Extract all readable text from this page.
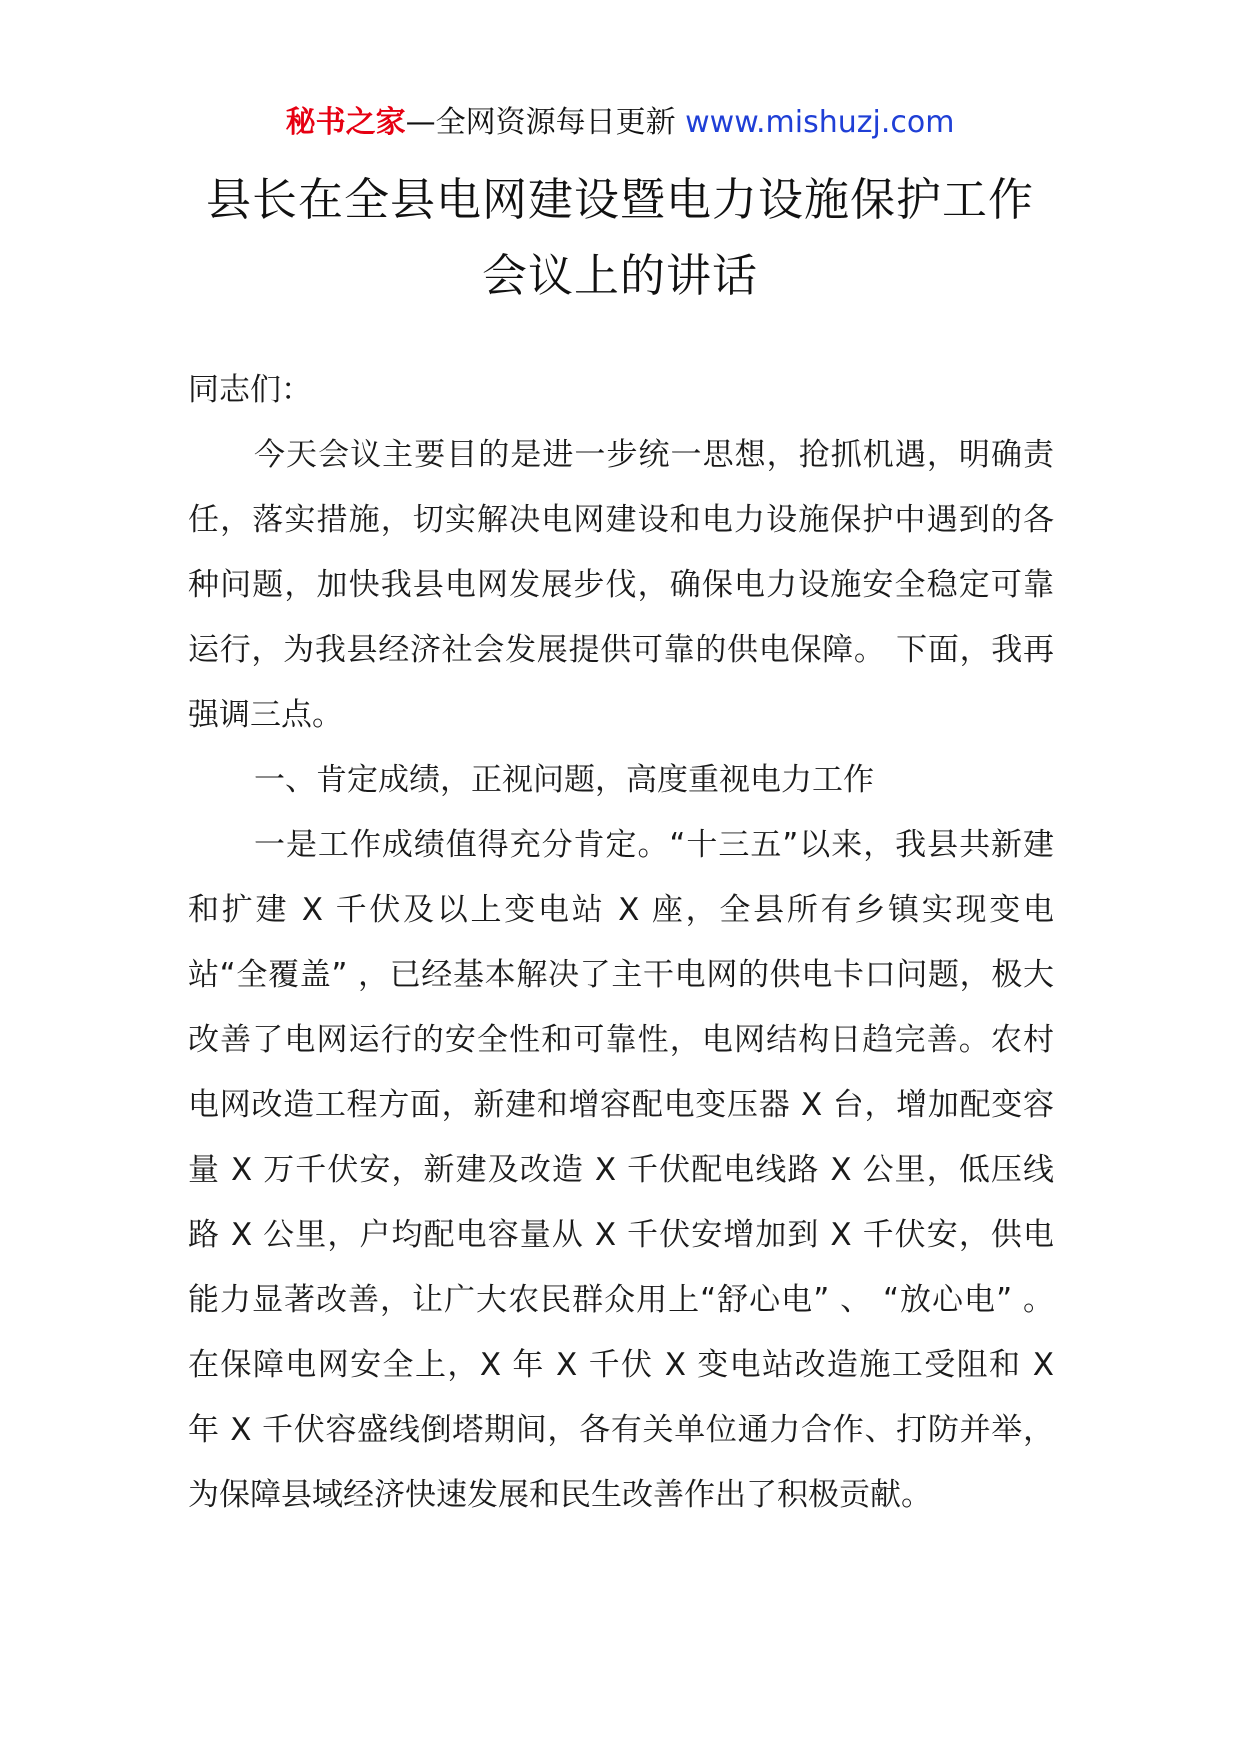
秘书之家—全网资源每日更新 www.mishuzj.com
县长在全县电网建设暨电力设施保护工作
会议上的讲话

同志们：

今天会议主要目的是进一步统一思想，抢抓机遇，明确责任，落实措施，切实解决电网建设和电力设施保护中遇到的各种问题，加快我县电网发展步伐，确保电力设施安全稳定可靠运行，为我县经济社会发展提供可靠的供电保障。 下面，我再强调三点。

一、肯定成绩，正视问题，高度重视电力工作

一是工作成绩值得充分肯定。“十三五”以来，我县共新建和扩建 X 千伏及以上变电站 X 座，全县所有乡镇实现变电站“全覆盖” ，已经基本解决了主干电网的供电卡口问题，极大改善了电网运行的安全性和可靠性，电网结构日趋完善。农村电网改造工程方面，新建和增容配电变压器 X 台，增加配变容量 X 万千伏安，新建及改造 X 千伏配电线路 X 公里，低压线路 X 公里，户均配电容量从 X 千伏安增加到 X 千伏安，供电能力显著改善，让广大农民群众用上“舒心电” 、 “放心电” 。在保障电网安全上，X 年 X 千伏 X 变电站改造施工受阻和 X 年 X 千伏容盛线倒塔期间，各有关单位通力合作、打防并举，为保障县域经济快速发展和民生改善作出了积极贡献。
